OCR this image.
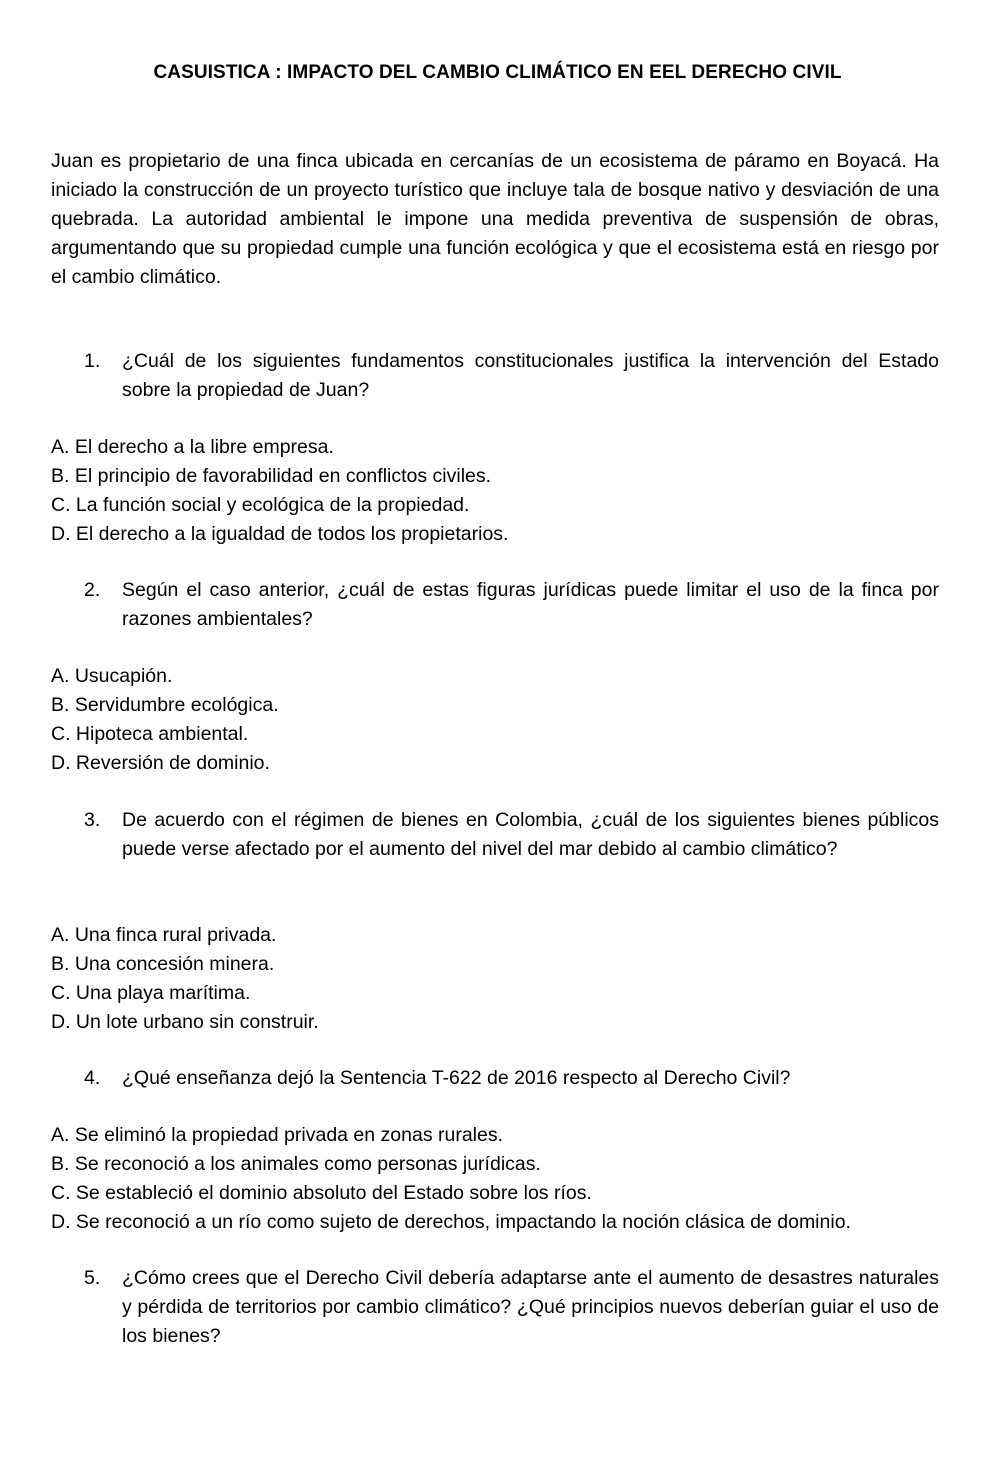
CASUISTICA : IMPACTO DEL CAMBIO CLIMÁTICO EN EEL DERECHO CIVIL
Juan es propietario de una finca ubicada en cercanías de un ecosistema de páramo en Boyacá. Ha iniciado la construcción de un proyecto turístico que incluye tala de bosque nativo y desviación de una quebrada. La autoridad ambiental le impone una medida preventiva de suspensión de obras, argumentando que su propiedad cumple una función ecológica y que el ecosistema está en riesgo por el cambio climático.
1.	¿Cuál de los siguientes fundamentos constitucionales justifica la intervención del Estado sobre la propiedad de Juan?
A. El derecho a la libre empresa.
B. El principio de favorabilidad en conflictos civiles.
C. La función social y ecológica de la propiedad.
D. El derecho a la igualdad de todos los propietarios.
2.	Según el caso anterior, ¿cuál de estas figuras jurídicas puede limitar el uso de la finca por razones ambientales?
A. Usucapión.
B. Servidumbre ecológica.
C. Hipoteca ambiental.
D. Reversión de dominio.
3.	De acuerdo con el régimen de bienes en Colombia, ¿cuál de los siguientes bienes públicos puede verse afectado por el aumento del nivel del mar debido al cambio climático?
A. Una finca rural privada.
B. Una concesión minera.
C. Una playa marítima.
D. Un lote urbano sin construir.
4.	¿Qué enseñanza dejó la Sentencia T-622 de 2016 respecto al Derecho Civil?
A. Se eliminó la propiedad privada en zonas rurales.
B. Se reconoció a los animales como personas jurídicas.
C. Se estableció el dominio absoluto del Estado sobre los ríos.
D. Se reconoció a un río como sujeto de derechos, impactando la noción clásica de dominio.
5.	¿Cómo crees que el Derecho Civil debería adaptarse ante el aumento de desastres naturales y pérdida de territorios por cambio climático? ¿Qué principios nuevos deberían guiar el uso de los bienes?
